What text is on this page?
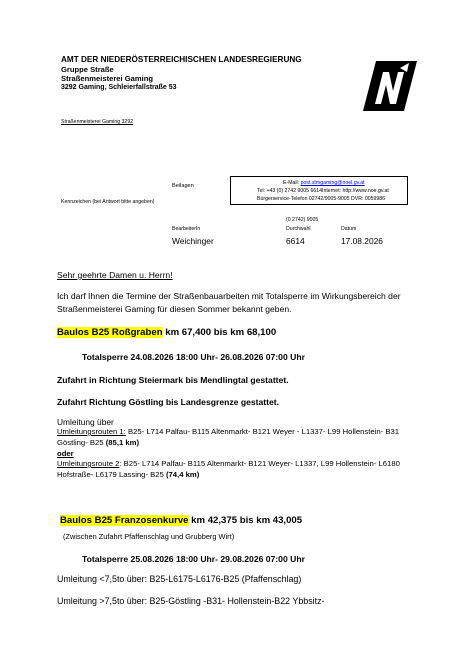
AMT DER NIEDERÖSTERREICHISCHEN LANDESREGIERUNG
Gruppe Straße
Straßenmeisterei Gaming
3292 Gaming, Schleierfallstraße 53
Straßenmeisterei Gaming 3292
Beilagen
Kennzeichen (bei Antwort bitte angeben)
E-Mail: post.stmgaming@noel.gv.at
Tel: +43 (0) 2742 9005 6614Internet: http://www.noe.gv.at
Bürgerservice-Telefon 02742/9005-9005 DVR: 0059986
(0 2742) 9005
BearbeiterIn	Durchwahl	Datum
Weichinger	6614	17.08.2026
Sehr geehrte Damen u. Herrn!
Ich darf Ihnen die Termine der Straßenbauarbeiten mit Totalsperre im Wirkungsbereich der Straßenmeisterei Gaming für diesen Sommer bekannt geben.
Baulos B25 Roßgraben km 67,400 bis km 68,100
Totalsperre 24.08.2026 18:00 Uhr- 26.08.2026 07:00 Uhr
Zufahrt in Richtung Steiermark bis Mendlingtal gestattet.
Zufahrt Richtung Göstling bis Landesgrenze gestattet.
Umleitung über
Umleitungsrouten 1: B25- L714 Palfau- B115 Altenmarkt- B121 Weyer - L1337- L99 Hollenstein- B31 Göstling- B25 (85,1 km)
oder
Umleitungsroute 2: B25- L714 Palfau- B115 Altenmarkt- B121 Weyer- L1337, L99 Hollenstein- L6180 Hofstraße- L6179 Lassing- B25 (74,4 km)
Baulos B25 Franzosenkurve km 42,375 bis km 43,005
(Zwischen Zufahrt Pfaffenschlag und Grubberg Wirt)
Totalsperre 25.08.2026 18:00 Uhr- 29.08.2026 07:00 Uhr
Umleitung <7,5to über: B25-L6175-L6176-B25 (Pfaffenschlag)
Umleitung >7,5to über: B25-Göstling -B31- Hollenstein-B22 Ybbsitz-
